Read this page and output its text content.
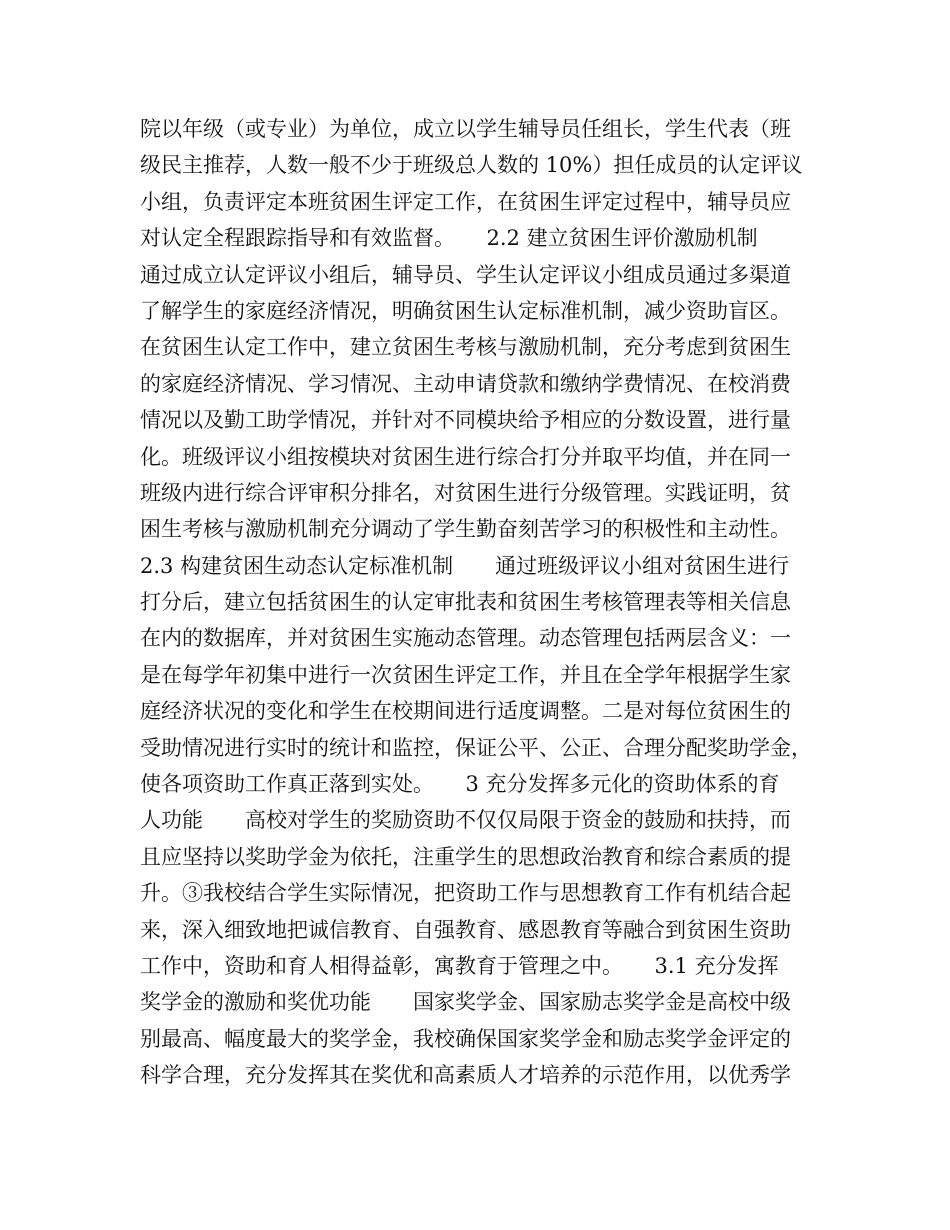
院以年级（或专业）为单位，成立以学生辅导员任组长，学生代表（班
级民主推荐，人数一般不少于班级总人数的 10%）担任成员的认定评议
小组，负责评定本班贫困生评定工作，在贫困生评定过程中，辅导员应
对认定全程跟踪指导和有效监督。　　2.2 建立贫困生评价激励机制
通过成立认定评议小组后，辅导员、学生认定评议小组成员通过多渠道
了解学生的家庭经济情况，明确贫困生认定标准机制，减少资助盲区。
在贫困生认定工作中，建立贫困生考核与激励机制，充分考虑到贫困生
的家庭经济情况、学习情况、主动申请贷款和缴纳学费情况、在校消费
情况以及勤工助学情况，并针对不同模块给予相应的分数设置，进行量
化。班级评议小组按模块对贫困生进行综合打分并取平均值，并在同一
班级内进行综合评审积分排名，对贫困生进行分级管理。实践证明，贫
困生考核与激励机制充分调动了学生勤奋刻苦学习的积极性和主动性。
2.3 构建贫困生动态认定标准机制　　通过班级评议小组对贫困生进行
打分后，建立包括贫困生的认定审批表和贫困生考核管理表等相关信息
在内的数据库，并对贫困生实施动态管理。动态管理包括两层含义：一
是在每学年初集中进行一次贫困生评定工作，并且在全学年根据学生家
庭经济状况的变化和学生在校期间进行适度调整。二是对每位贫困生的
受助情况进行实时的统计和监控，保证公平、公正、合理分配奖助学金，
使各项资助工作真正落到实处。　　3 充分发挥多元化的资助体系的育
人功能　　高校对学生的奖励资助不仅仅局限于资金的鼓励和扶持，而
且应坚持以奖助学金为依托，注重学生的思想政治教育和综合素质的提
升。③我校结合学生实际情况，把资助工作与思想教育工作有机结合起
来，深入细致地把诚信教育、自强教育、感恩教育等融合到贫困生资助
工作中，资助和育人相得益彰，寓教育于管理之中。　　3.1 充分发挥
奖学金的激励和奖优功能　　国家奖学金、国家励志奖学金是高校中级
别最高、幅度最大的奖学金，我校确保国家奖学金和励志奖学金评定的
科学合理，充分发挥其在奖优和高素质人才培养的示范作用，以优秀学
